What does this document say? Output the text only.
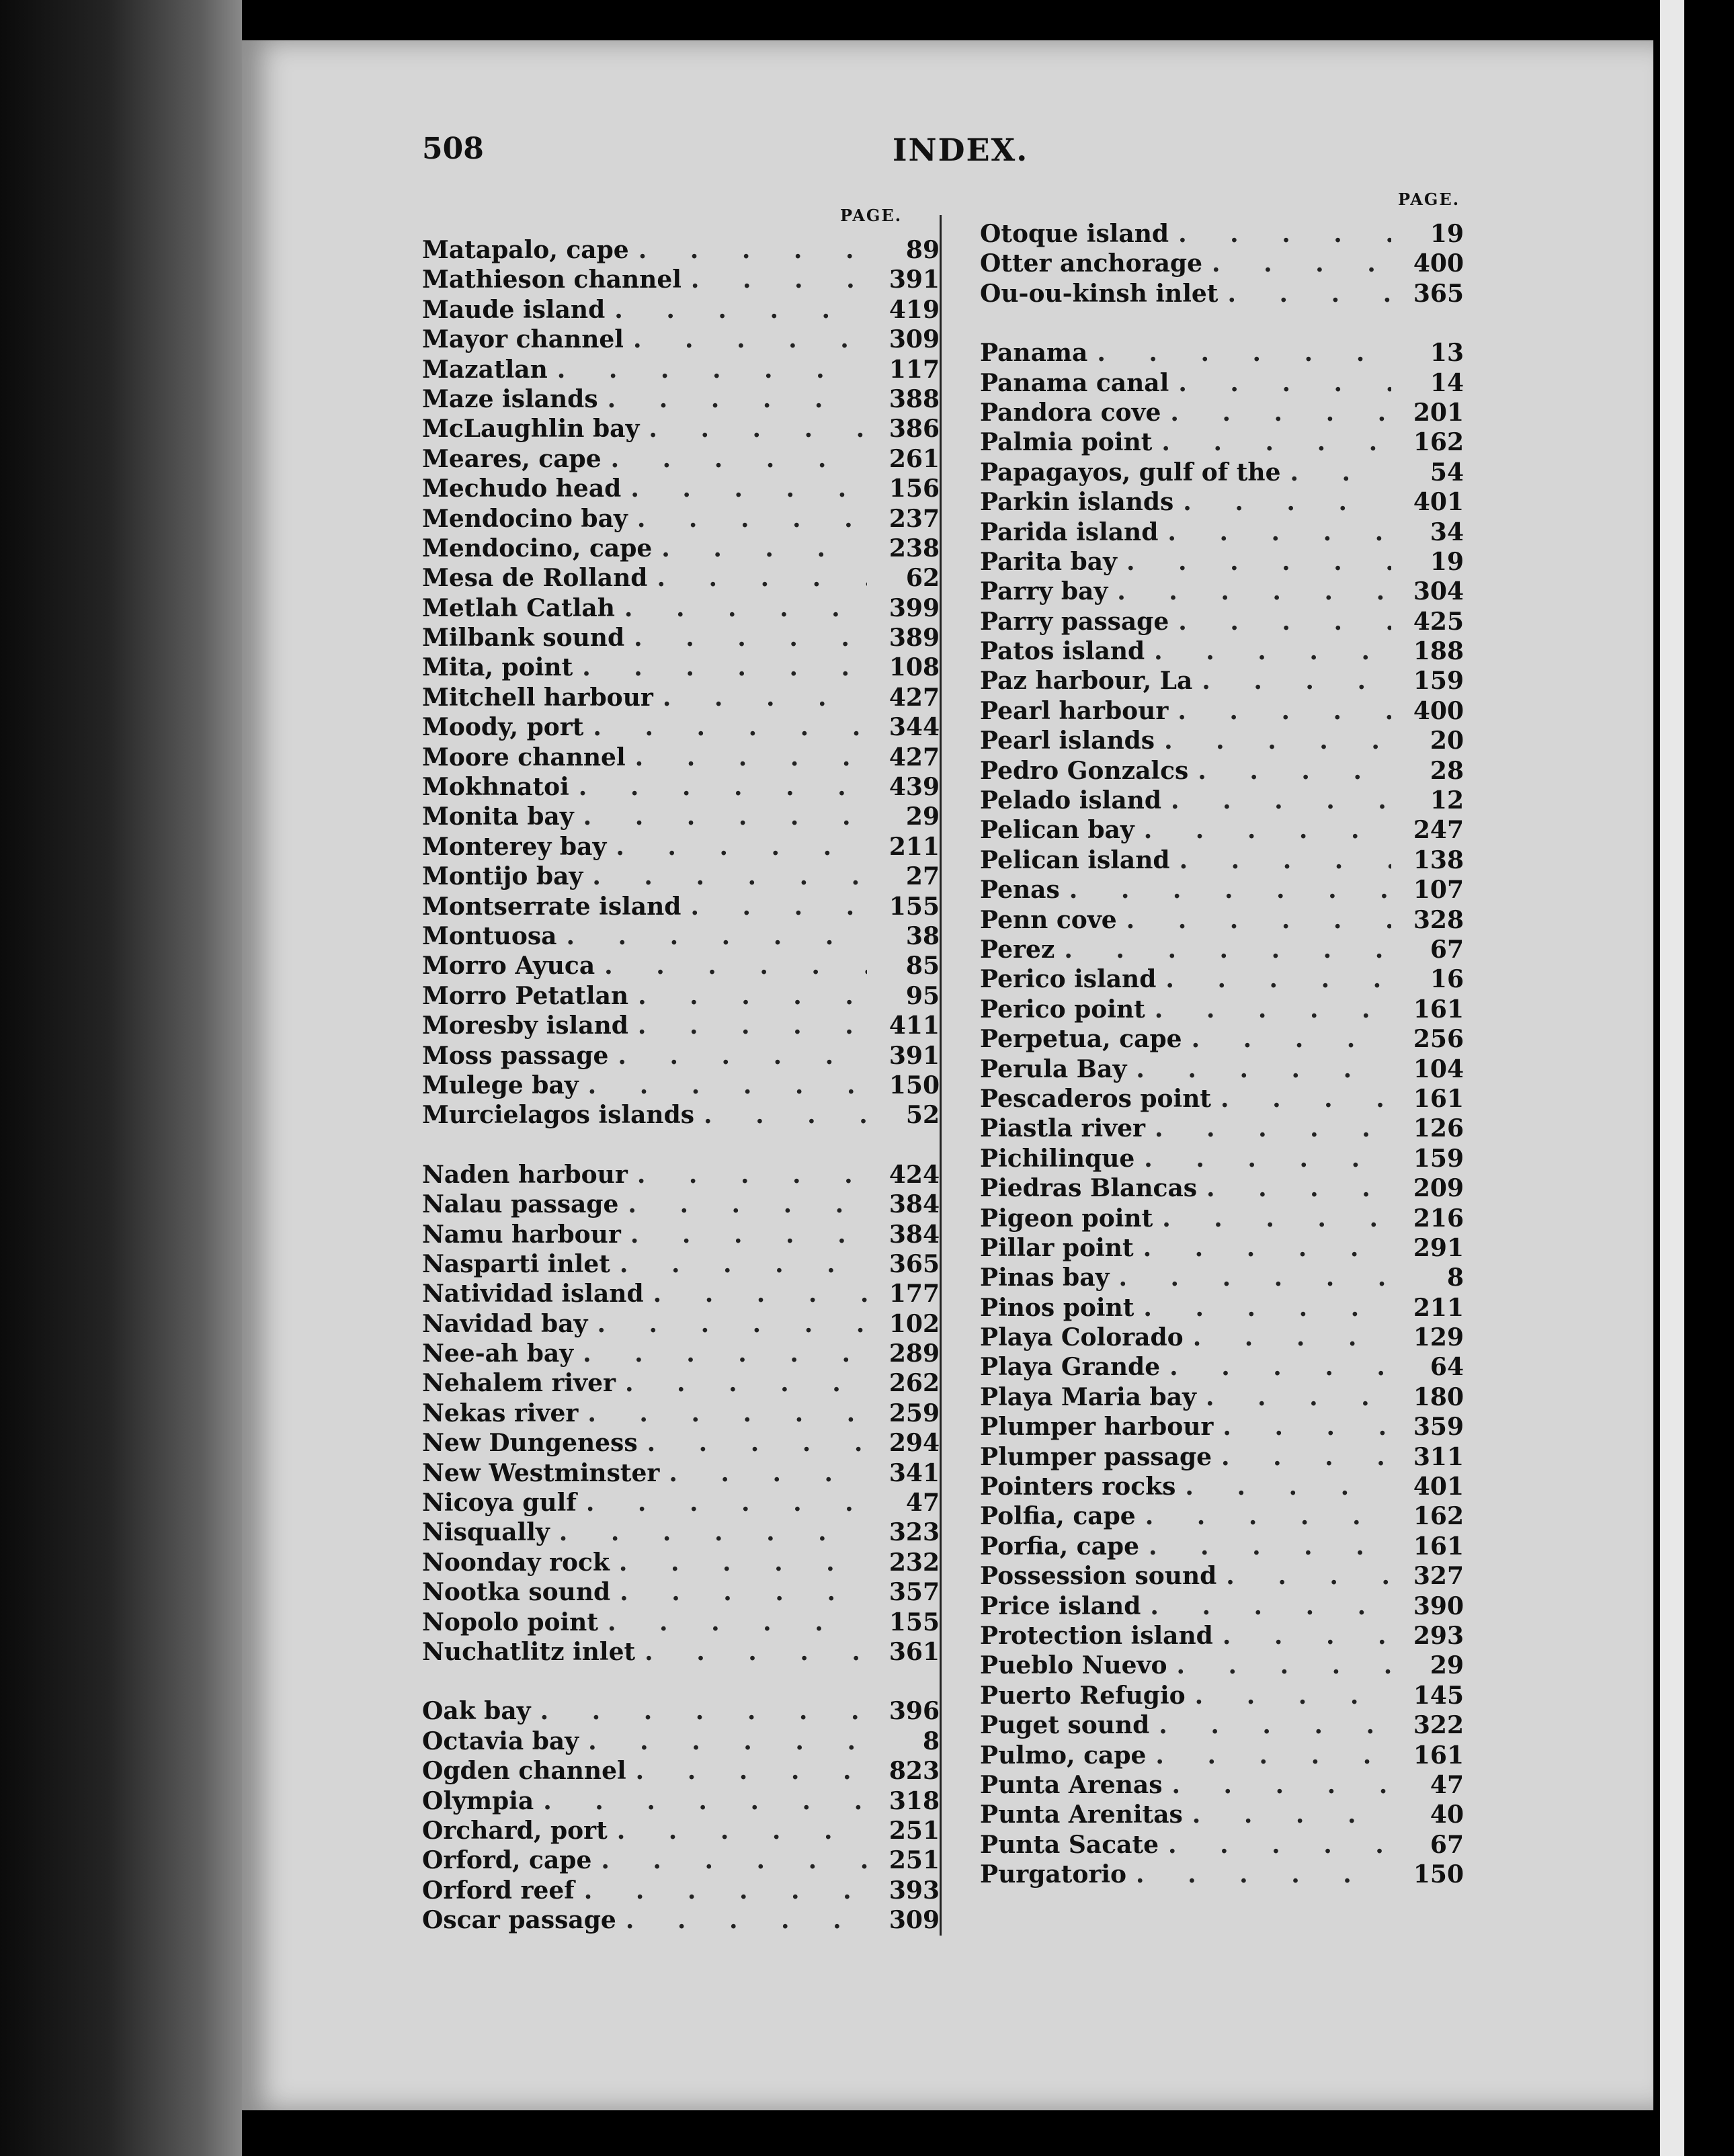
508	INDEX.
PAGE.
PAGE.
Matapalo, cape . . .	89
Mathieson channel . . .	391
Maude island . . .	419
Mayor channel . . .	309
Mazatlan . . .	117
Maze islands . . .	388
McLaughlin bay . . .	386
Meares, cape . . .	261
Mechudo head . . .	156
Mendocino bay . . .	237
Mendocino, cape . . .	238
Mesa de Rolland . . .	62
Metlah Catlah . . .	399
Milbank sound . . .	389
Mita, point . . .	108
Mitchell harbour . . .	427
Moody, port . . .	344
Moore channel . . .	427
Mokhnatoi . . .	439
Monita bay . . .	29
Monterey bay . . .	211
Montijo bay . . .	27
Montserrate island . . .	155
Montuosa . . .	38
Morro Ayuca . . .	85
Morro Petatlan . . .	95
Moresby island . . .	411
Moss passage . . .	391
Mulege bay . . .	150
Murcielagos islands . . .	52
Naden harbour . . .	424
Nalau passage . . .	384
Namu harbour . . .	384
Nasparti inlet . . .	365
Natividad island . . .	177
Navidad bay . . .	102
Nee-ah bay . . .	289
Nehalem river . . .	262
Nekas river . . .	259
New Dungeness . . .	294
New Westminster . . .	341
Nicoya gulf . . .	47
Nisqually . . .	323
Noonday rock . . .	232
Nootka sound . . .	357
Nopolo point . . .	155
Nuchatlitz inlet . . .	361
Oak bay . . .	396
Octavia bay . . .	8
Ogden channel . . .	823
Olympia . . .	318
Orchard, port . . .	251
Orford, cape . . .	251
Orford reef . . .	393
Oscar passage . . .	309
Otoque island . . .	19
Otter anchorage . . .	400
Ou-ou-kinsh inlet . . .	365
Panama . . .	13
Panama canal . . .	14
Pandora cove . . .	201
Palmia point . . .	162
Papagayos, gulf of the . . .	54
Parkin islands . . .	401
Parida island . . .	34
Parita bay . . .	19
Parry bay . . .	304
Parry passage . . .	425
Patos island . . .	188
Paz harbour, La . . .	159
Pearl harbour . . .	400
Pearl islands . . .	20
Pedro Gonzalcs . . .	28
Pelado island . . .	12
Pelican bay . . .	247
Pelican island . . .	138
Penas . . .	107
Penn cove . . .	328
Perez . . .	67
Perico island . . .	16
Perico point . . .	161
Perpetua, cape . . .	256
Perula Bay . . .	104
Pescaderos point . . .	161
Piastla river . . .	126
Pichilinque . . .	159
Piedras Blancas . . .	209
Pigeon point . . .	216
Pillar point . . .	291
Pinas bay . . .	8
Pinos point . . .	211
Playa Colorado . . .	129
Playa Grande . . .	64
Playa Maria bay . . .	180
Plumper harbour . . .	359
Plumper passage . . .	311
Pointers rocks . . .	401
Polfia, cape . . .	162
Porfia, cape . . .	161
Possession sound . . .	327
Price island . . .	390
Protection island . . .	293
Pueblo Nuevo . . .	29
Puerto Refugio . . .	145
Puget sound . . .	322
Pulmo, cape . . .	161
Punta Arenas . . .	47
Punta Arenitas . . .	40
Punta Sacate . . .	67
Purgatorio . . .	150
